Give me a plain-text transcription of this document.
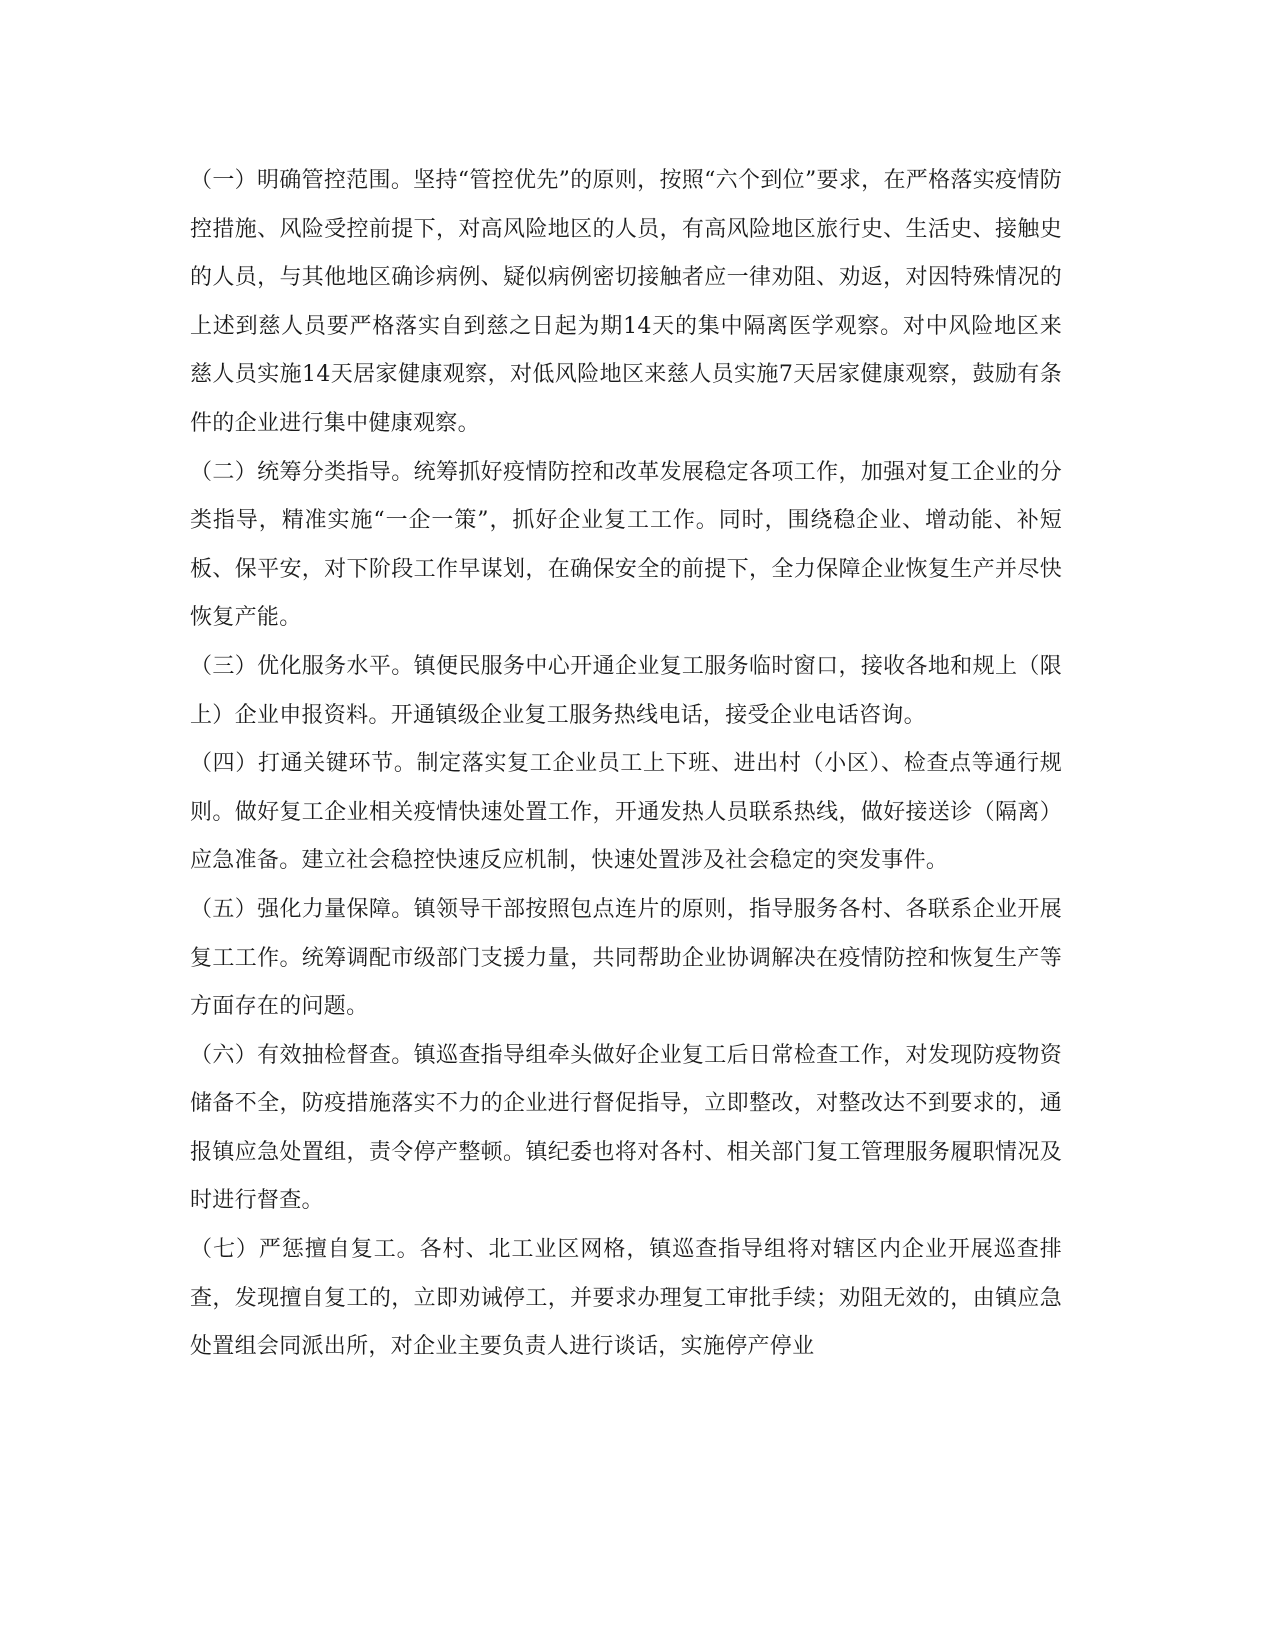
（一）明确管控范围。坚持“管控优先”的原则，按照“六个到位”要求，在严格落实疫情防控措施、风险受控前提下，对高风险地区的人员，有高风险地区旅行史、生活史、接触史的人员，与其他地区确诊病例、疑似病例密切接触者应一律劝阻、劝返，对因特殊情况的上述到慈人员要严格落实自到慈之日起为期14天的集中隔离医学观察。对中风险地区来慈人员实施14天居家健康观察，对低风险地区来慈人员实施7天居家健康观察，鼓励有条件的企业进行集中健康观察。

（二）统筹分类指导。统筹抓好疫情防控和改革发展稳定各项工作，加强对复工企业的分类指导，精准实施“一企一策”，抓好企业复工工作。同时，围绕稳企业、增动能、补短板、保平安，对下阶段工作早谋划，在确保安全的前提下，全力保障企业恢复生产并尽快恢复产能。

（三）优化服务水平。镇便民服务中心开通企业复工服务临时窗口，接收各地和规上（限上）企业申报资料。开通镇级企业复工服务热线电话，接受企业电话咨询。

（四）打通关键环节。制定落实复工企业员工上下班、进出村（小区）、检查点等通行规则。做好复工企业相关疫情快速处置工作，开通发热人员联系热线，做好接送诊（隔离）应急准备。建立社会稳控快速反应机制，快速处置涉及社会稳定的突发事件。

（五）强化力量保障。镇领导干部按照包点连片的原则，指导服务各村、各联系企业开展复工工作。统筹调配市级部门支援力量，共同帮助企业协调解决在疫情防控和恢复生产等方面存在的问题。

（六）有效抽检督查。镇巡查指导组牵头做好企业复工后日常检查工作，对发现防疫物资储备不全，防疫措施落实不力的企业进行督促指导，立即整改，对整改达不到要求的，通报镇应急处置组，责令停产整顿。镇纪委也将对各村、相关部门复工管理服务履职情况及时进行督查。

（七）严惩擅自复工。各村、北工业区网格，镇巡查指导组将对辖区内企业开展巡查排查，发现擅自复工的，立即劝诫停工，并要求办理复工审批手续；劝阻无效的，由镇应急处置组会同派出所，对企业主要负责人进行谈话，实施停产停业
